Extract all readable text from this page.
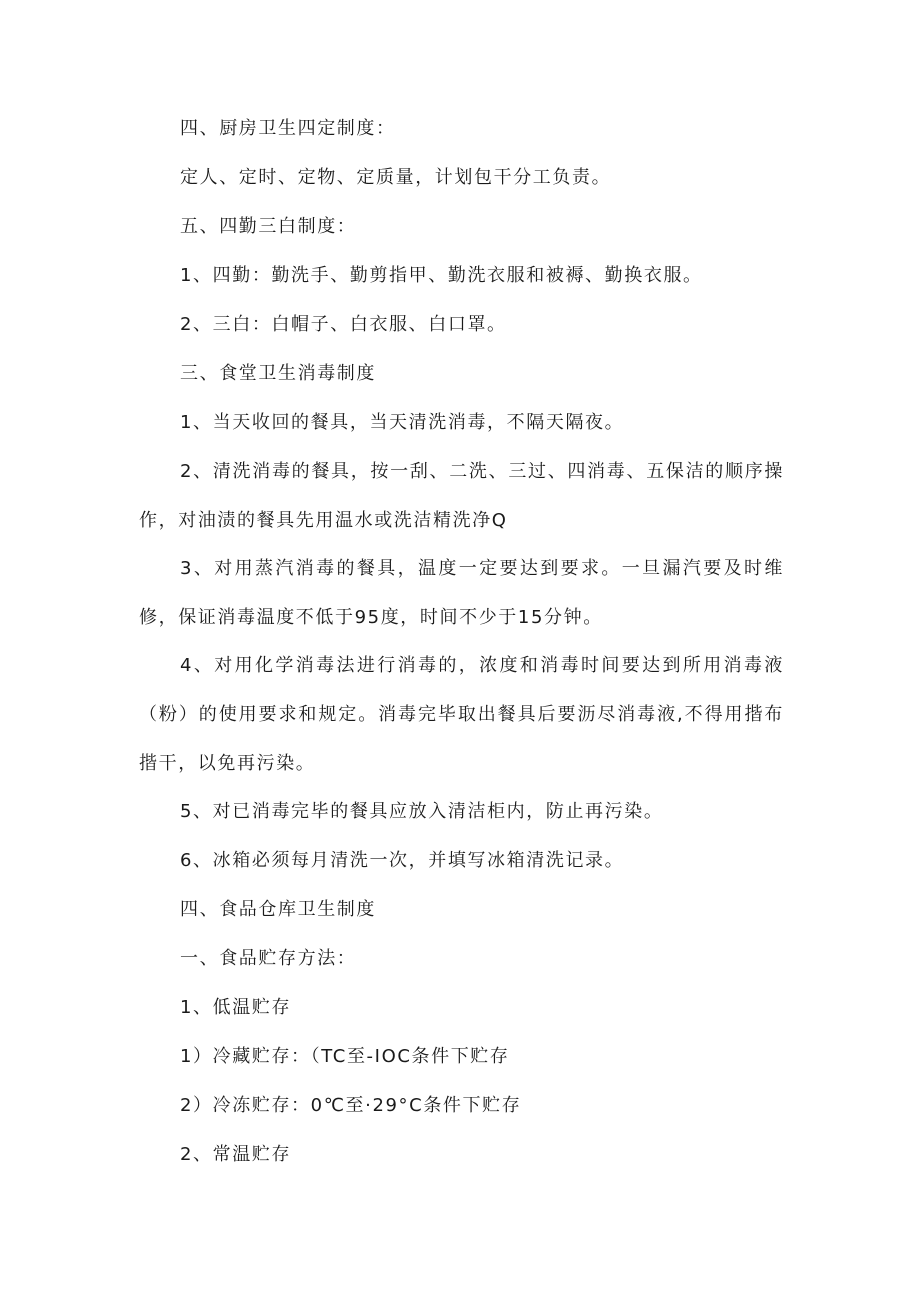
四、厨房卫生四定制度：

定人、定时、定物、定质量，计划包干分工负责。

五、四勤三白制度：

1、四勤：勤洗手、勤剪指甲、勤洗衣服和被褥、勤换衣服。

2、三白：白帽子、白衣服、白口罩。

三、食堂卫生消毒制度

1、当天收回的餐具，当天清洗消毒，不隔天隔夜。

2、清洗消毒的餐具，按一刮、二洗、三过、四消毒、五保洁的顺序操作，对油渍的餐具先用温水或洗洁精洗净Q

3、对用蒸汽消毒的餐具，温度一定要达到要求。一旦漏汽要及时维修，保证消毒温度不低于95度，时间不少于15分钟。

4、对用化学消毒法进行消毒的，浓度和消毒时间要达到所用消毒液（粉）的使用要求和规定。消毒完毕取出餐具后要沥尽消毒液,不得用揩布揩干，以免再污染。

5、对已消毒完毕的餐具应放入清洁柜内，防止再污染。

6、冰箱必须每月清洗一次，并填写冰箱清洗记录。

四、食品仓库卫生制度

一、食品贮存方法：

1、低温贮存

1）冷藏贮存：（TC至-IOC条件下贮存

2）冷冻贮存：0℃至·29°C条件下贮存

2、常温贮存
